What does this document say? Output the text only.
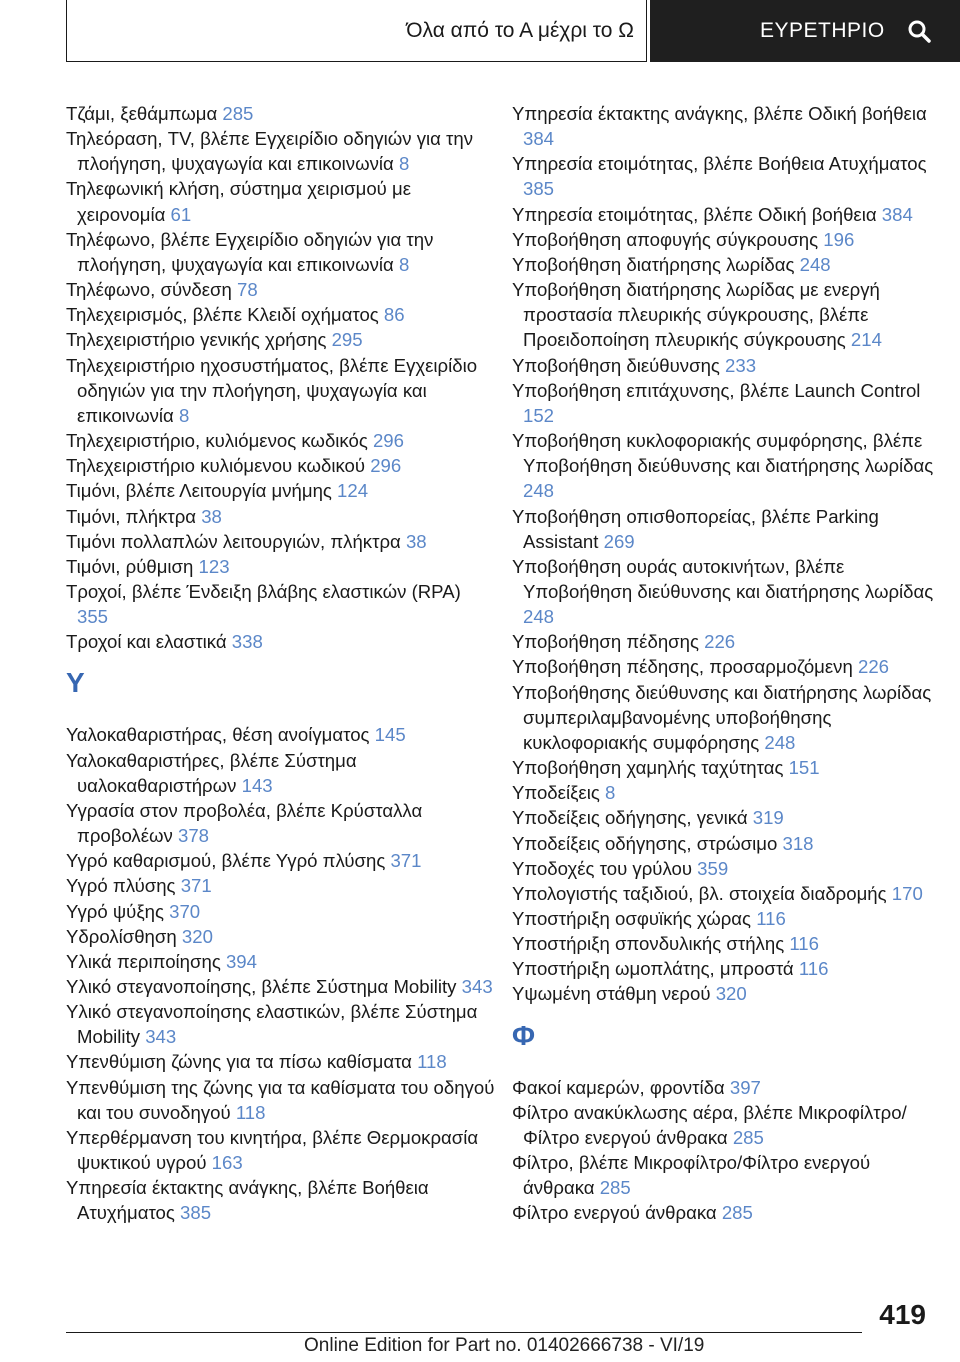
Όλα από το Α μέχρι το Ω	ΕΥΡΕΤΗΡΙΟ
Τζάμι, ξεθάμπωμα 285
Τηλεόραση, TV, βλέπε Εγχειρίδιο οδηγιών για την πλοήγηση, ψυχαγωγία και επικοινωνία 8
Τηλεφωνική κλήση, σύστημα χειρισμού με χειρονομία 61
Τηλέφωνο, βλέπε Εγχειρίδιο οδηγιών για την πλοήγηση, ψυχαγωγία και επικοινωνία 8
Τηλέφωνο, σύνδεση 78
Τηλεχειρισμός, βλέπε Κλειδί οχήματος 86
Τηλεχειριστήριο γενικής χρήσης 295
Τηλεχειριστήριο ηχοσυστήματος, βλέπε Εγχειρίδιο οδηγιών για την πλοήγηση, ψυχαγωγία και επικοινωνία 8
Τηλεχειριστήριο, κυλιόμενος κωδικός 296
Τηλεχειριστήριο κυλιόμενου κωδικού 296
Τιμόνι, βλέπε Λειτουργία μνήμης 124
Τιμόνι, πλήκτρα 38
Τιμόνι πολλαπλών λειτουργιών, πλήκτρα 38
Τιμόνι, ρύθμιση 123
Τροχοί, βλέπε Ένδειξη βλάβης ελαστικών (RPA) 355
Τροχοί και ελαστικά 338
Υ
Υαλοκαθαριστήρας, θέση ανοίγματος 145
Υαλοκαθαριστήρες, βλέπε Σύστημα υαλοκαθαριστήρων 143
Υγρασία στον προβολέα, βλέπε Κρύσταλλα προβολέων 378
Υγρό καθαρισμού, βλέπε Υγρό πλύσης 371
Υγρό πλύσης 371
Υγρό ψύξης 370
Υδρολίσθηση 320
Υλικά περιποίησης 394
Υλικό στεγανοποίησης, βλέπε Σύστημα Mobility 343
Υλικό στεγανοποίησης ελαστικών, βλέπε Σύστημα Mobility 343
Υπενθύμιση ζώνης για τα πίσω καθίσματα 118
Υπενθύμιση της ζώνης για τα καθίσματα του οδηγού και του συνοδηγού 118
Υπερθέρμανση του κινητήρα, βλέπε Θερμοκρασία ψυκτικού υγρού 163
Υπηρεσία έκτακτης ανάγκης, βλέπε Βοήθεια Ατυχήματος 385
Υπηρεσία έκτακτης ανάγκης, βλέπε Οδική βοήθεια 384
Υπηρεσία ετοιμότητας, βλέπε Βοήθεια Ατυχήματος 385
Υπηρεσία ετοιμότητας, βλέπε Οδική βοήθεια 384
Υποβοήθηση αποφυγής σύγκρουσης 196
Υποβοήθηση διατήρησης λωρίδας 248
Υποβοήθηση διατήρησης λωρίδας με ενεργή προστασία πλευρικής σύγκρουσης, βλέπε Προειδοποίηση πλευρικής σύγκρουσης 214
Υποβοήθηση διεύθυνσης 233
Υποβοήθηση επιτάχυνσης, βλέπε Launch Control 152
Υποβοήθηση κυκλοφοριακής συμφόρησης, βλέπε Υποβοήθηση διεύθυνσης και διατήρησης λωρίδας 248
Υποβοήθηση οπισθοπορείας, βλέπε Parking Assistant 269
Υποβοήθηση ουράς αυτοκινήτων, βλέπε Υποβοήθηση διεύθυνσης και διατήρησης λωρίδας 248
Υποβοήθηση πέδησης 226
Υποβοήθηση πέδησης, προσαρμοζόμενη 226
Υποβοήθησης διεύθυνσης και διατήρησης λωρίδας συμπεριλαμβανομένης υποβοήθησης κυκλοφοριακής συμφόρησης 248
Υποβοήθηση χαμηλής ταχύτητας 151
Υποδείξεις 8
Υποδείξεις οδήγησης, γενικά 319
Υποδείξεις οδήγησης, στρώσιμο 318
Υποδοχές του γρύλου 359
Υπολογιστής ταξιδιού, βλ. στοιχεία διαδρομής 170
Υποστήριξη οσφυϊκής χώρας 116
Υποστήριξη σπονδυλικής στήλης 116
Υποστήριξη ωμοπλάτης, μπροστά 116
Υψωμένη στάθμη νερού 320
Φ
Φακοί καμερών, φροντίδα 397
Φίλτρο ανακύκλωσης αέρα, βλέπε Μικροφίλτρο/Φίλτρο ενεργού άνθρακα 285
Φίλτρο, βλέπε Μικροφίλτρο/Φίλτρο ενεργού άνθρακα 285
Φίλτρο ενεργού άνθρακα 285
419
Online Edition for Part no. 01402666738 - VI/19
